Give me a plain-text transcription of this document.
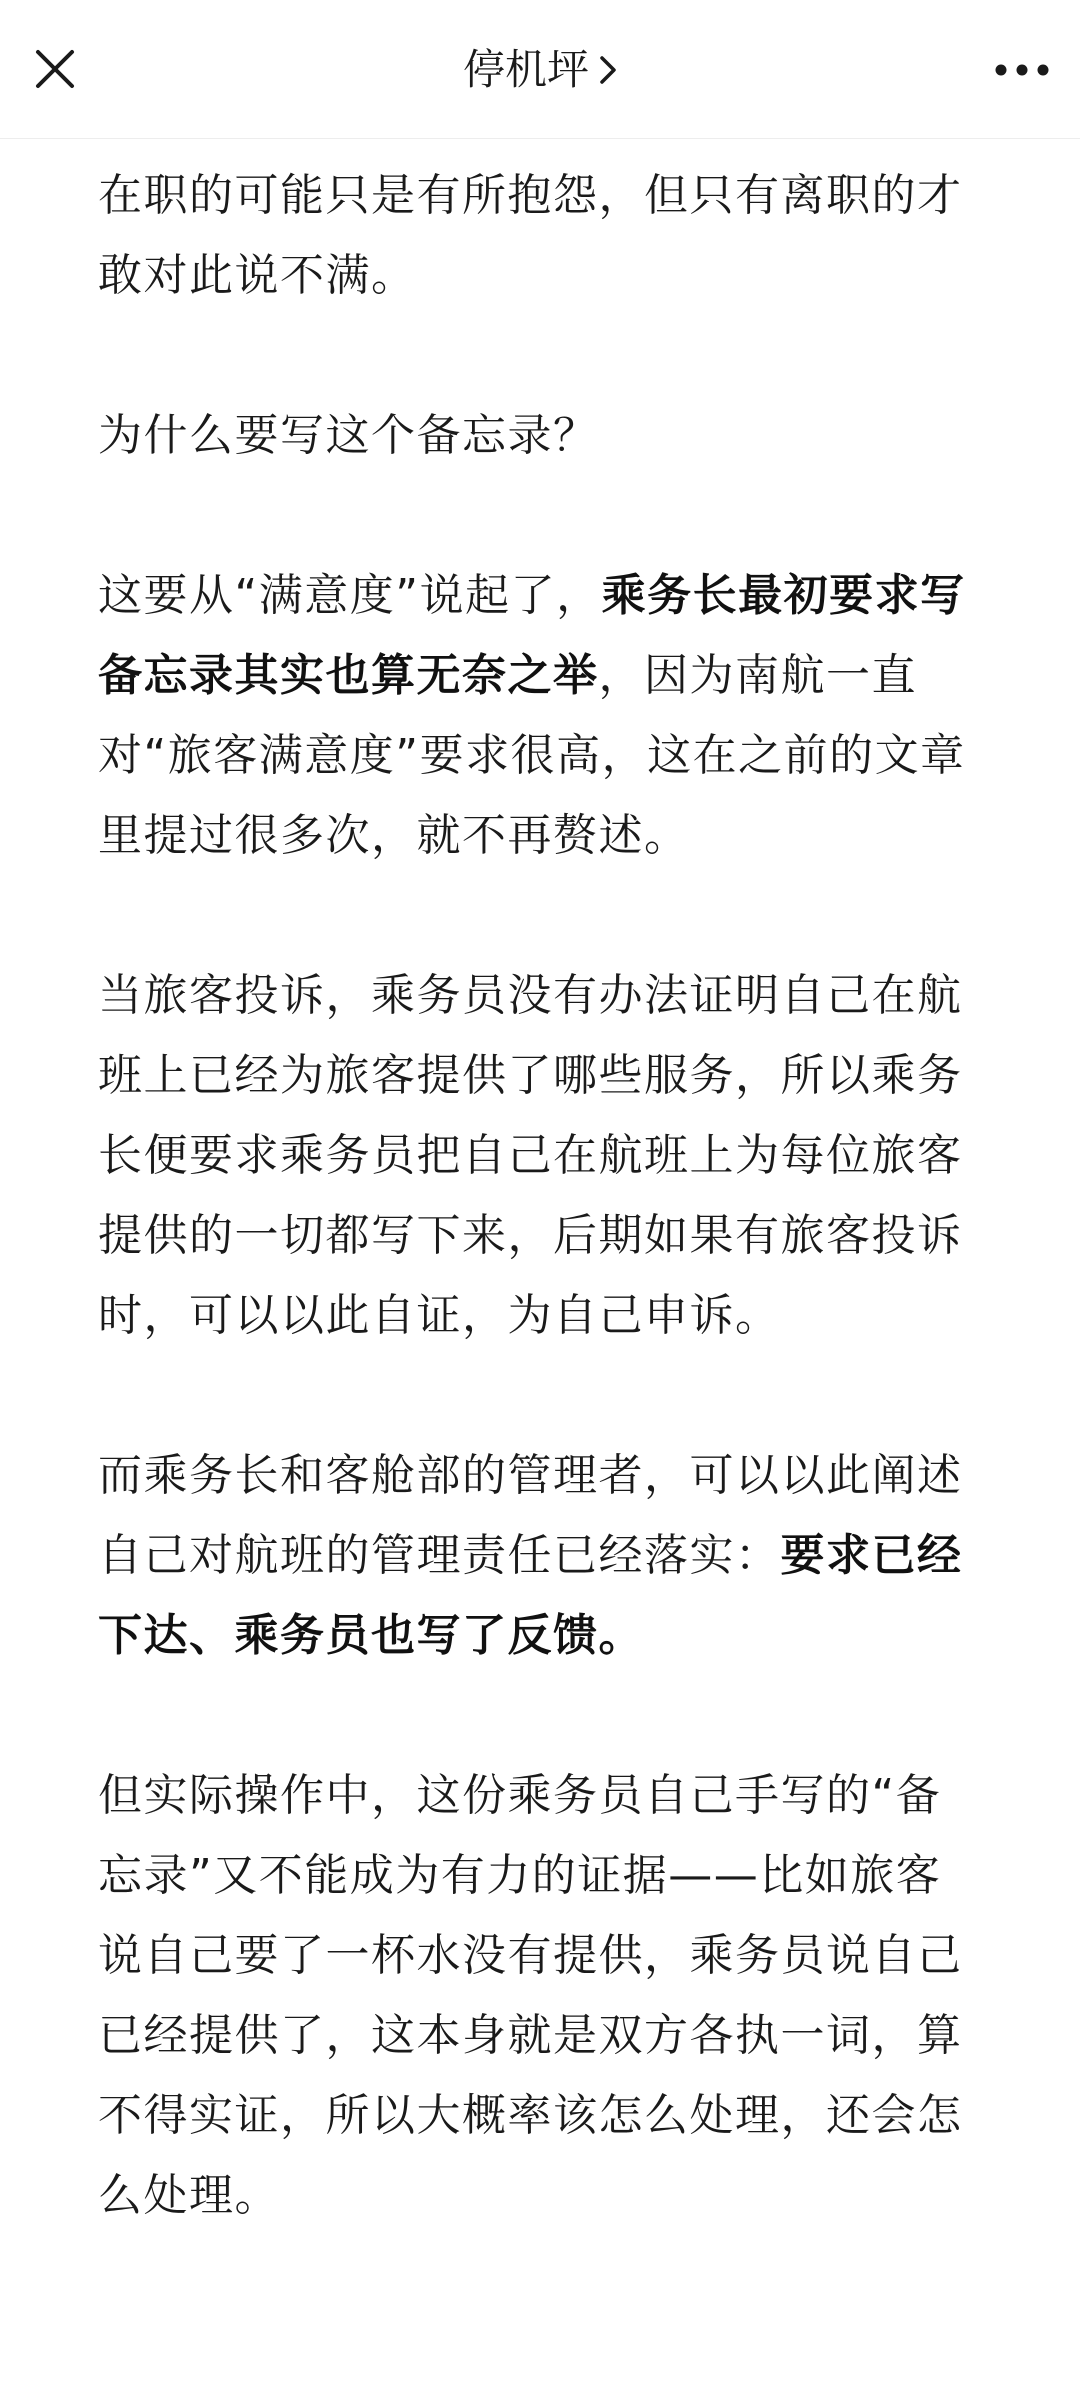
停机坪

在职的可能只是有所抱怨，但只有离职的才敢对此说不满。

为什么要写这个备忘录？

这要从“满意度”说起了，乘务长最初要求写备忘录其实也算无奈之举，因为南航一直对“旅客满意度”要求很高，这在之前的文章里提过很多次，就不再赘述。

当旅客投诉，乘务员没有办法证明自己在航班上已经为旅客提供了哪些服务，所以乘务长便要求乘务员把自己在航班上为每位旅客提供的一切都写下来，后期如果有旅客投诉时，可以以此自证，为自己申诉。

而乘务长和客舱部的管理者，可以以此阐述自己对航班的管理责任已经落实：要求已经下达、乘务员也写了反馈。

但实际操作中，这份乘务员自己手写的“备忘录”又不能成为有力的证据——比如旅客说自己要了一杯水没有提供，乘务员说自己已经提供了，这本身就是双方各执一词，算不得实证，所以大概率该怎么处理，还会怎么处理。
